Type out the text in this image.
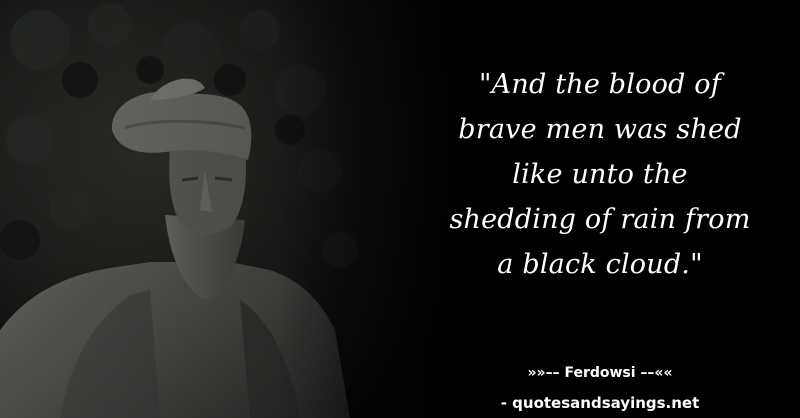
"And the blood of
brave men was shed
like unto the
shedding of rain from
a black cloud."

»»–– Ferdowsi ––««
- quotesandsayings.net
